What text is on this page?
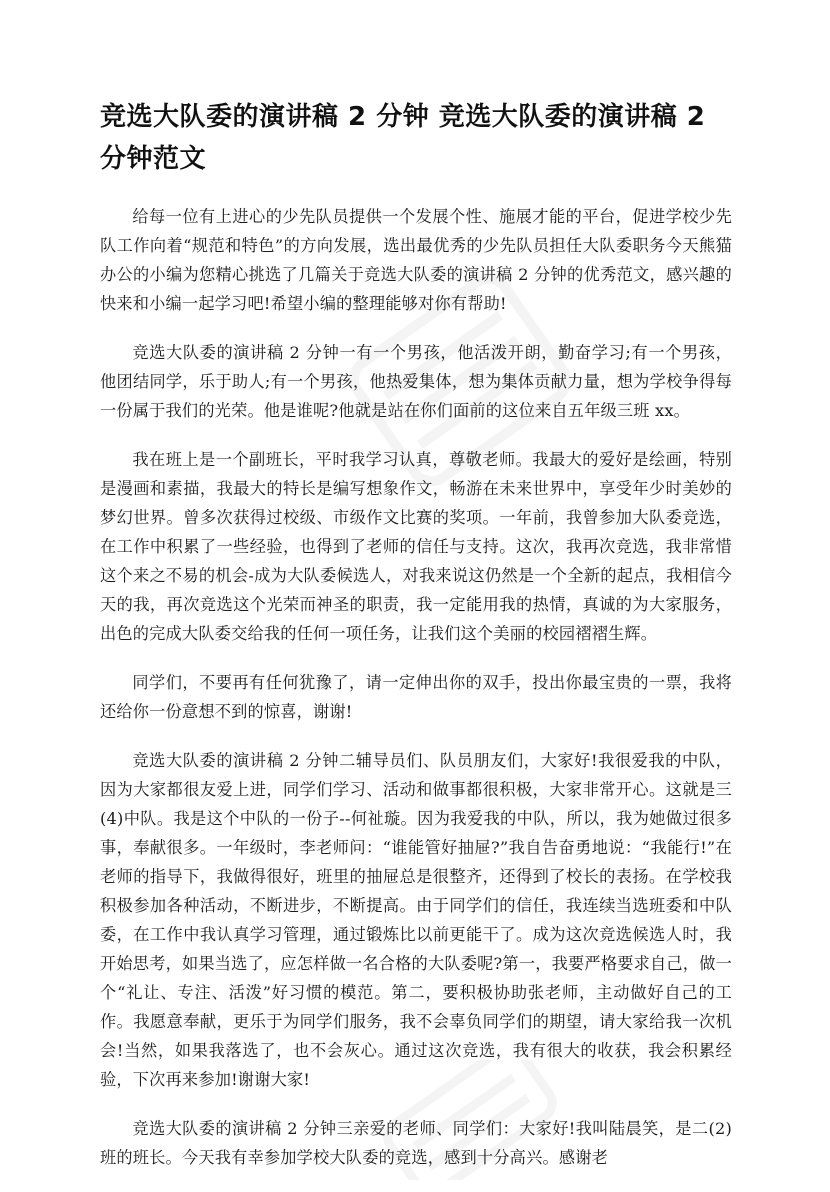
竞选大队委的演讲稿 2 分钟 竞选大队委的演讲稿 2 分钟范文

给每一位有上进心的少先队员提供一个发展个性、施展才能的平台，促进学校少先队工作向着“规范和特色”的方向发展，选出最优秀的少先队员担任大队委职务今天熊猫办公的小编为您精心挑选了几篇关于竞选大队委的演讲稿 2 分钟的优秀范文，感兴趣的快来和小编一起学习吧!希望小编的整理能够对你有帮助!

竞选大队委的演讲稿 2 分钟一有一个男孩，他活泼开朗，勤奋学习;有一个男孩，他团结同学，乐于助人;有一个男孩，他热爱集体，想为集体贡献力量，想为学校争得每一份属于我们的光荣。他是谁呢?他就是站在你们面前的这位来自五年级三班 xx。

我在班上是一个副班长，平时我学习认真，尊敬老师。我最大的爱好是绘画，特别是漫画和素描，我最大的特长是编写想象作文，畅游在未来世界中，享受年少时美妙的梦幻世界。曾多次获得过校级、市级作文比赛的奖项。一年前，我曾参加大队委竞选，在工作中积累了一些经验，也得到了老师的信任与支持。这次，我再次竞选，我非常惜这个来之不易的机会-成为大队委候选人，对我来说这仍然是一个全新的起点，我相信今天的我，再次竞选这个光荣而神圣的职责，我一定能用我的热情，真诚的为大家服务，出色的完成大队委交给我的任何一项任务，让我们这个美丽的校园褶褶生辉。

同学们，不要再有任何犹豫了，请一定伸出你的双手，投出你最宝贵的一票，我将还给你一份意想不到的惊喜，谢谢!

竞选大队委的演讲稿 2 分钟二辅导员们、队员朋友们，大家好!我很爱我的中队，因为大家都很友爱上进，同学们学习、活动和做事都很积极，大家非常开心。这就是三(4)中队。我是这个中队的一份子--何祉璇。因为我爱我的中队，所以，我为她做过很多事，奉献很多。一年级时，李老师问：“谁能管好抽屉?”我自告奋勇地说：“我能行!”在老师的指导下，我做得很好，班里的抽屉总是很整齐，还得到了校长的表扬。在学校我积极参加各种活动，不断进步，不断提高。由于同学们的信任，我连续当选班委和中队委，在工作中我认真学习管理，通过锻炼比以前更能干了。成为这次竞选候选人时，我开始思考，如果当选了，应怎样做一名合格的大队委呢?第一，我要严格要求自己，做一个“礼让、专注、活泼”好习惯的模范。第二，要积极协助张老师，主动做好自己的工作。我愿意奉献，更乐于为同学们服务，我不会辜负同学们的期望，请大家给我一次机会!当然，如果我落选了，也不会灰心。通过这次竞选，我有很大的收获，我会积累经验，下次再来参加!谢谢大家!

竞选大队委的演讲稿 2 分钟三亲爱的老师、同学们：大家好!我叫陆晨笑，是二(2)班的班长。今天我有幸参加学校大队委的竞选，感到十分高兴。感谢老
